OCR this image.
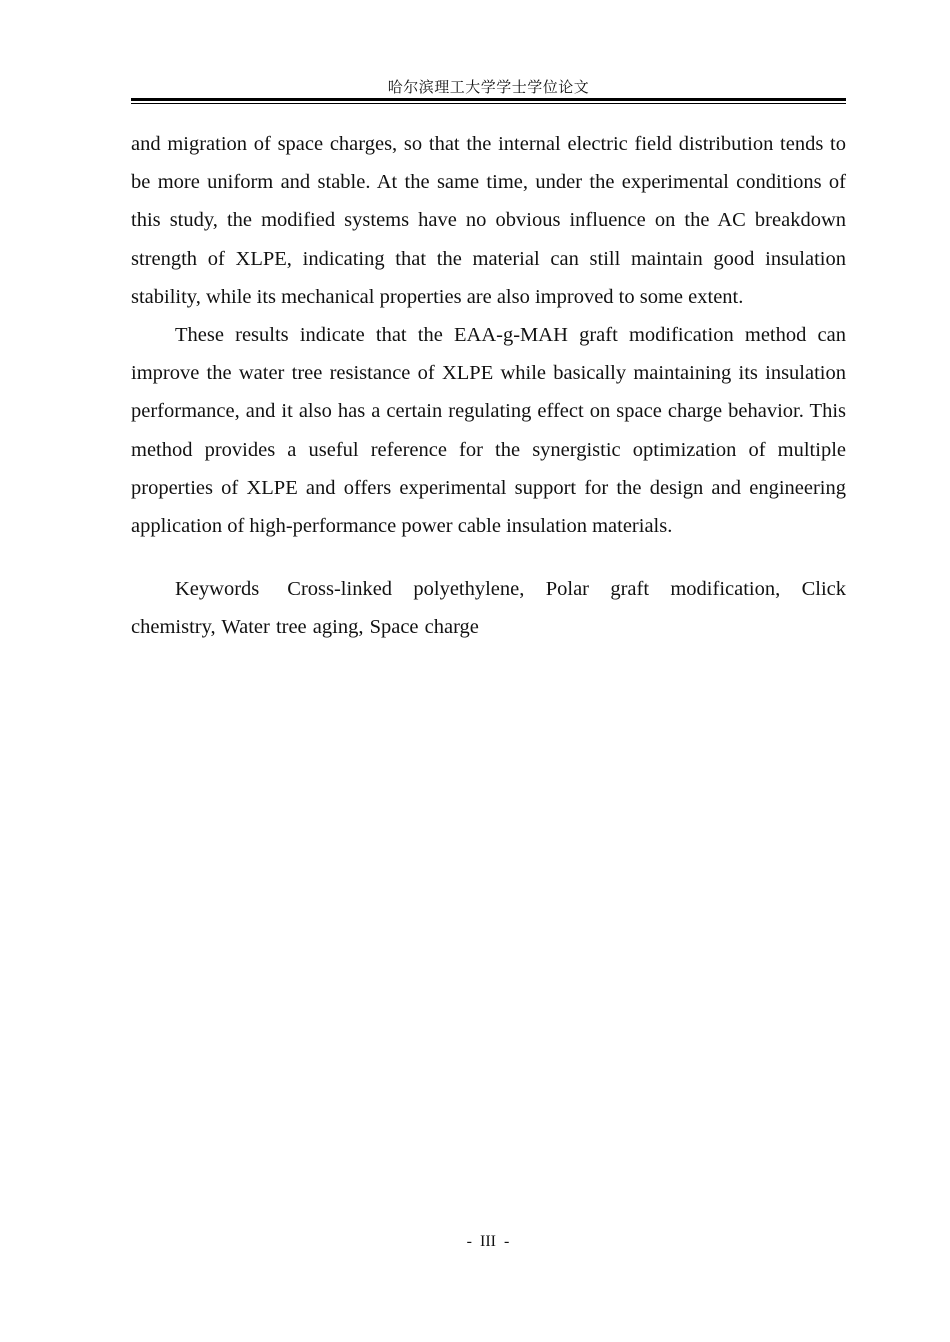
哈尔滨理工大学学士学位论文

and migration of space charges, so that the internal electric field distribution tends to be more uniform and stable. At the same time, under the experimental conditions of this study, the modified systems have no obvious influence on the AC breakdown strength of XLPE, indicating that the material can still maintain good insulation stability, while its mechanical properties are also improved to some extent.

These results indicate that the EAA-g-MAH graft modification method can improve the water tree resistance of XLPE while basically maintaining its insulation performance, and it also has a certain regulating effect on space charge behavior. This method provides a useful reference for the synergistic optimization of multiple properties of XLPE and offers experimental support for the design and engineering application of high-performance power cable insulation materials.

Keywords Cross-linked polyethylene, Polar graft modification, Click chemistry, Water tree aging, Space charge
-  III  -
